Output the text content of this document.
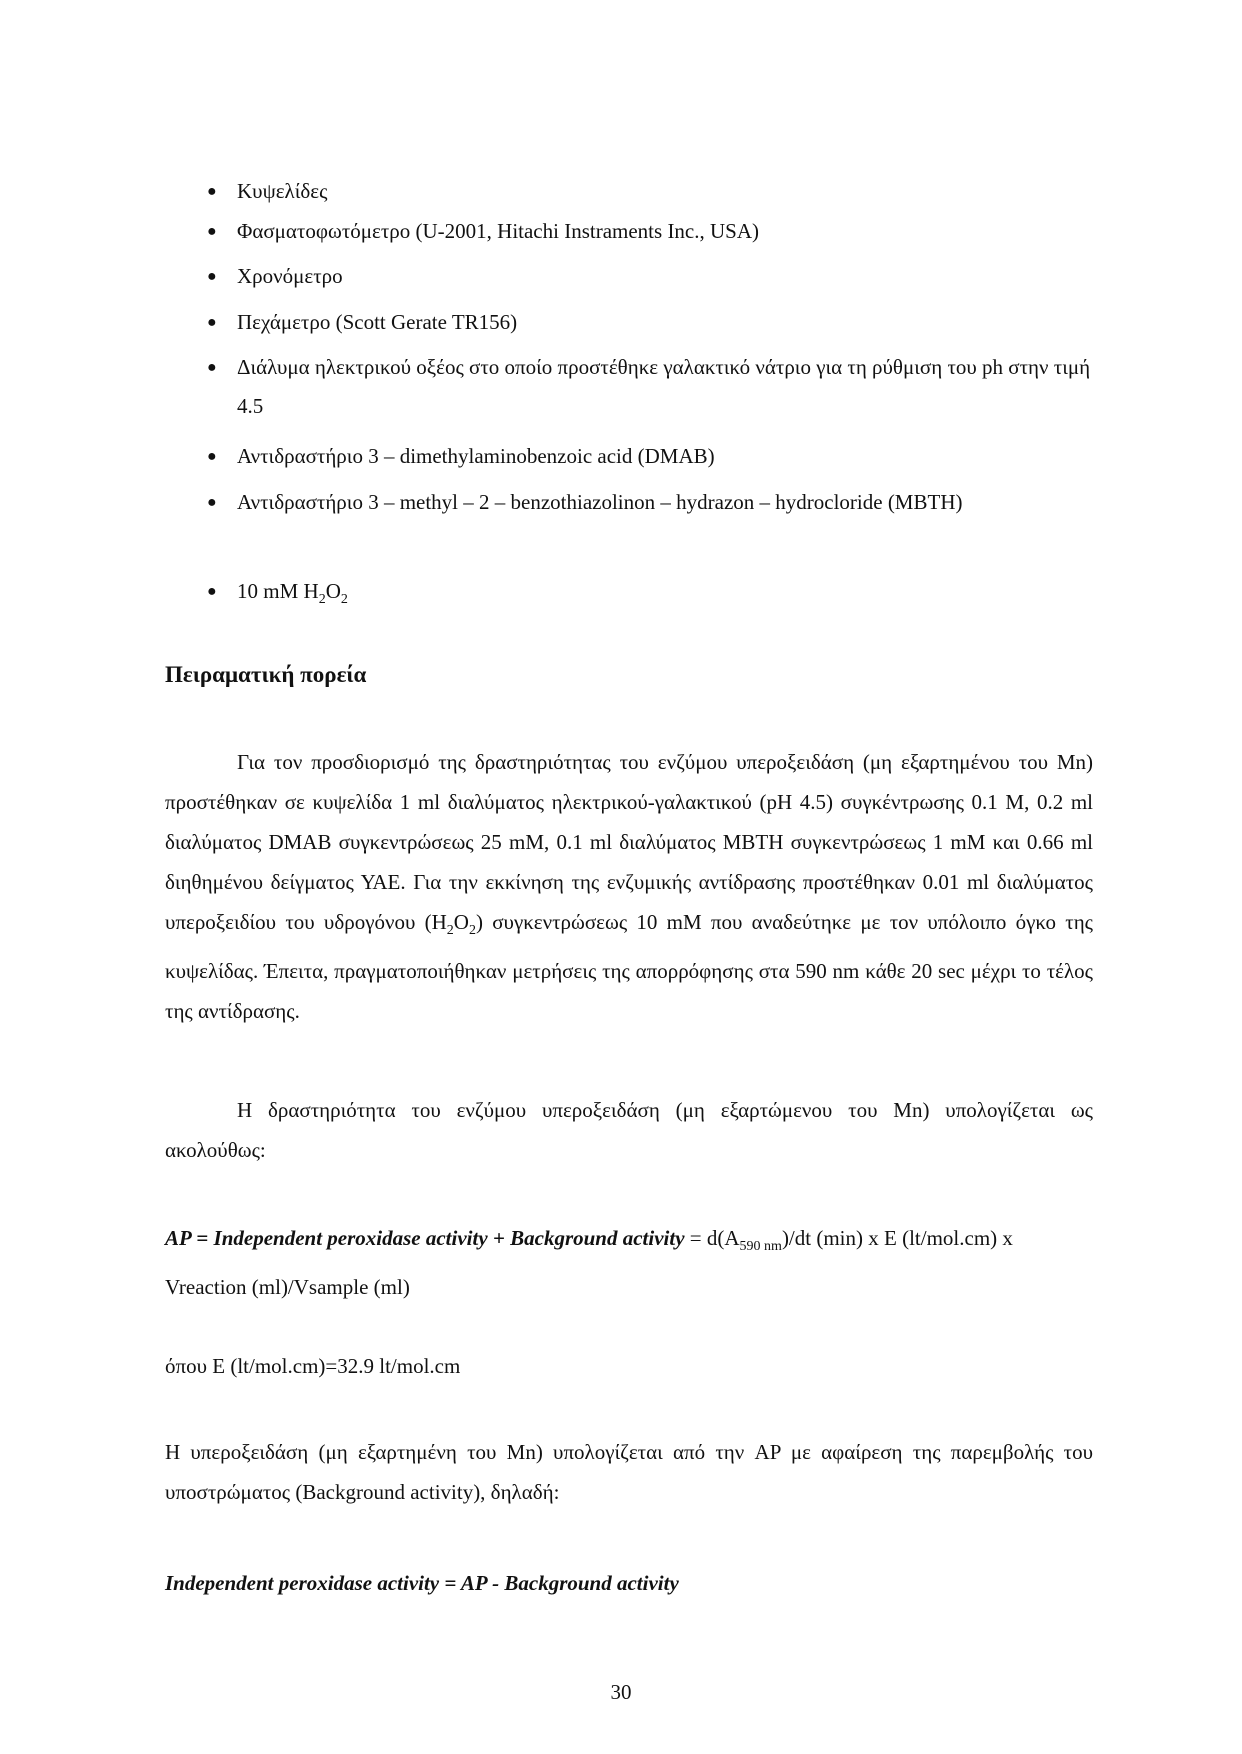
● Κυψελίδες
● Φασματοφωτόμετρο (U-2001, Hitachi Instraments Inc., USA)
● Χρονόμετρο
● Πεχάμετρο (Scott Gerate TR156)
● Διάλυμα ηλεκτρικού οξέος στο οποίο προστέθηκε γαλακτικό νάτριο για τη ρύθμιση του ph στην τιμή 4.5
● Αντιδραστήριο 3 – dimethylaminobenzoic acid (DMAB)
● Αντιδραστήριο 3 – methyl – 2 – benzothiazolinon – hydrazon – hydrocloride (MBTH)
● 10 mM $H_2O_2$
Πειραματική πορεία
Για τον προσδιορισμό της δραστηριότητας του ενζύμου υπεροξειδάση (μη εξαρτημένου του Mn) προστέθηκαν σε κυψελίδα 1 ml διαλύματος ηλεκτρικού-γαλακτικού (pH 4.5) συγκέντρωσης 0.1 M, 0.2 ml διαλύματος DMAB συγκεντρώσεως 25 mM, 0.1 ml διαλύματος MBTH συγκεντρώσεως 1 mM και 0.66 ml διηθημένου δείγματος ΥΑΕ. Για την εκκίνηση της ενζυμικής αντίδρασης προστέθηκαν 0.01 ml διαλύματος υπεροξειδίου του υδρογόνου $(H_2O_2)$ συγκεντρώσεως 10 mM που αναδεύτηκε με τον υπόλοιπο όγκο της κυψελίδας. Έπειτα, πραγματοποιήθηκαν μετρήσεις της απορρόφησης στα 590 nm κάθε 20 sec μέχρι το τέλος της αντίδρασης.
Η δραστηριότητα του ενζύμου υπεροξειδάση (μη εξαρτώμενου του Mn) υπολογίζεται ως ακολούθως:
AP = Independent peroxidase activity + Background activity = $d(A_{590 nm})/dt$ (min) x E (lt/mol.cm) x Vreaction (ml)/Vsample (ml)
όπου E (lt/mol.cm)=32.9 lt/mol.cm
Η υπεροξειδάση (μη εξαρτημένη του Mn) υπολογίζεται από την AP με αφαίρεση της παρεμβολής του υποστρώματος (Background activity), δηλαδή:
Independent peroxidase activity = AP - Background activity
30
